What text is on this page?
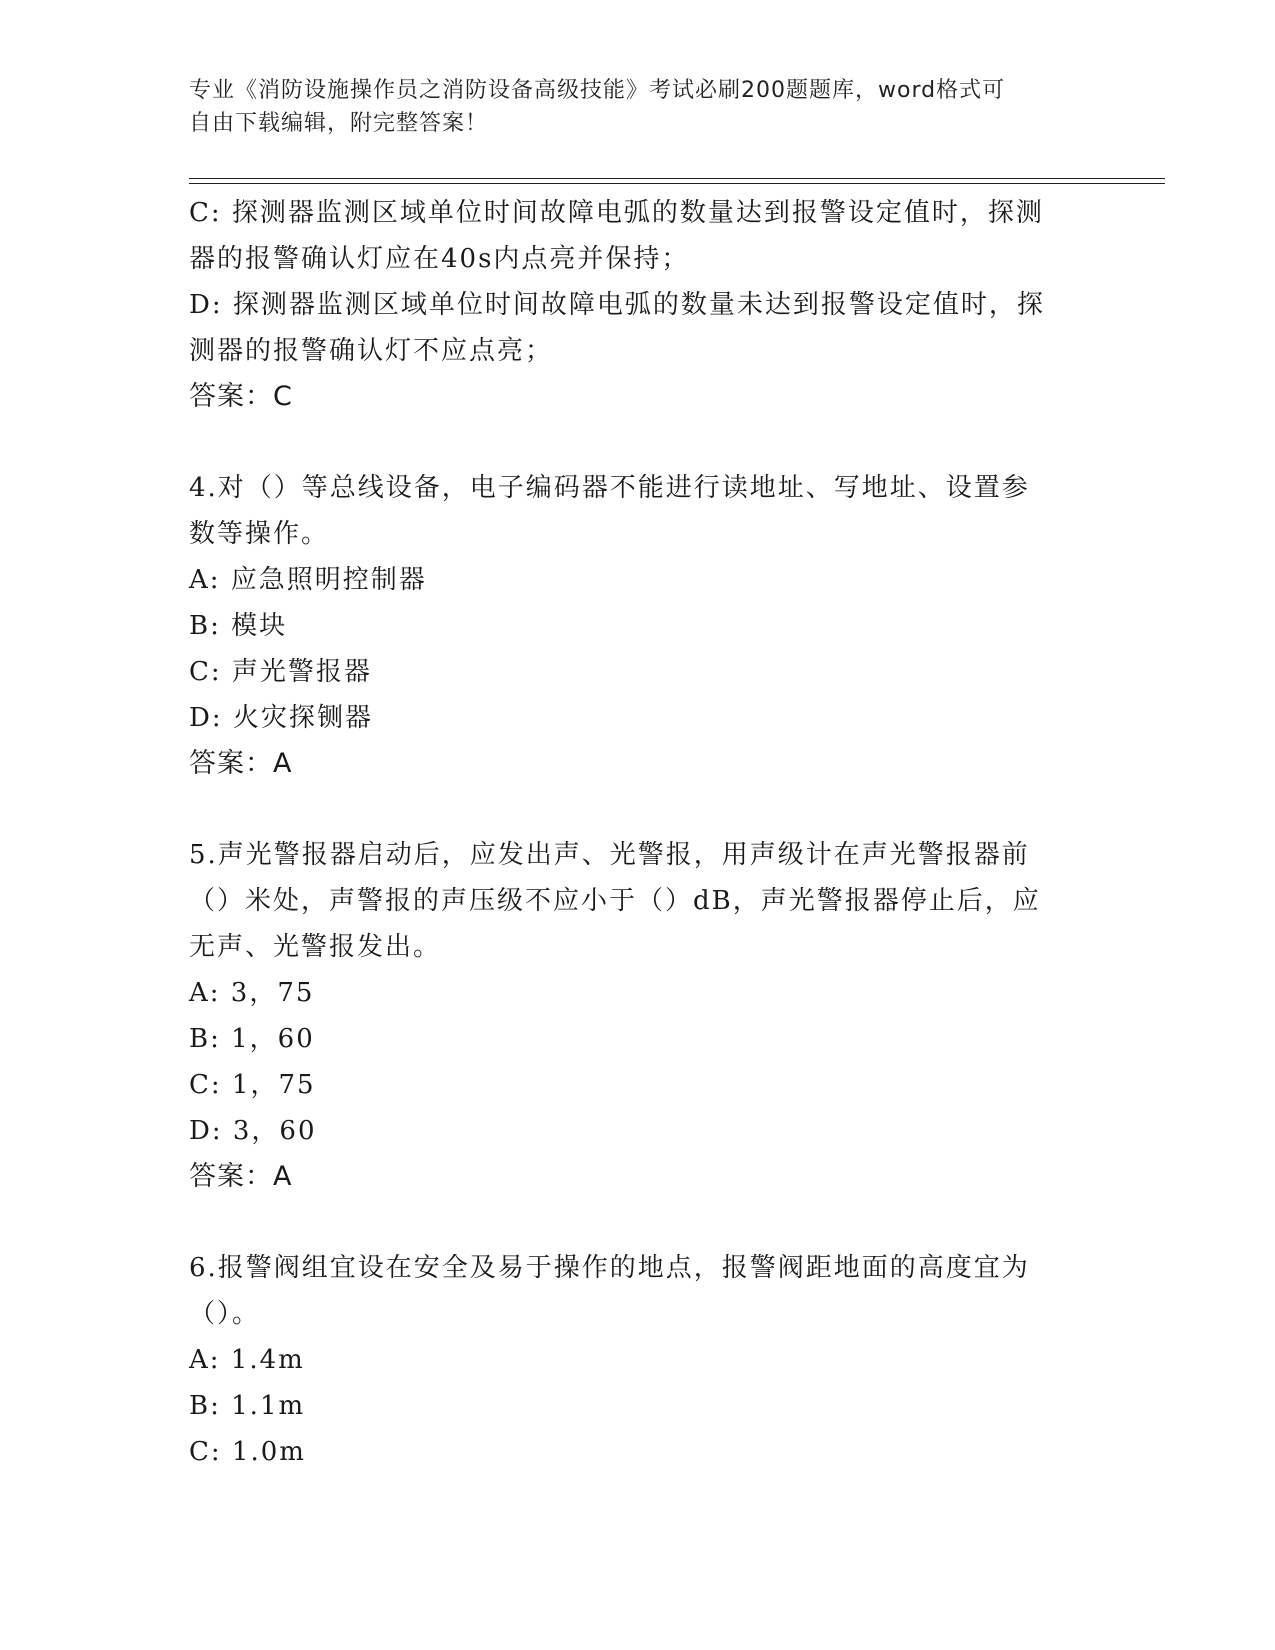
专业《消防设施操作员之消防设备高级技能》考试必刷200题题库，word格式可
自由下载编辑，附完整答案！
C: 探测器监测区域单位时间故障电弧的数量达到报警设定值时，探测
器的报警确认灯应在40s内点亮并保持；
D: 探测器监测区域单位时间故障电弧的数量未达到报警设定值时，探
测器的报警确认灯不应点亮；
答案：C
4.对（）等总线设备，电子编码器不能进行读地址、写地址、设置参
数等操作。
A: 应急照明控制器
B: 模块
C: 声光警报器
D: 火灾探铡器
答案：A
5.声光警报器启动后，应发出声、光警报，用声级计在声光警报器前
（）米处，声警报的声压级不应小于（）dB，声光警报器停止后，应
无声、光警报发出。
A: 3，75
B: 1，60
C: 1，75
D: 3，60
答案：A
6.报警阀组宜设在安全及易于操作的地点，报警阀距地面的高度宜为
（）。
A: 1.4m
B: 1.1m
C: 1.0m
